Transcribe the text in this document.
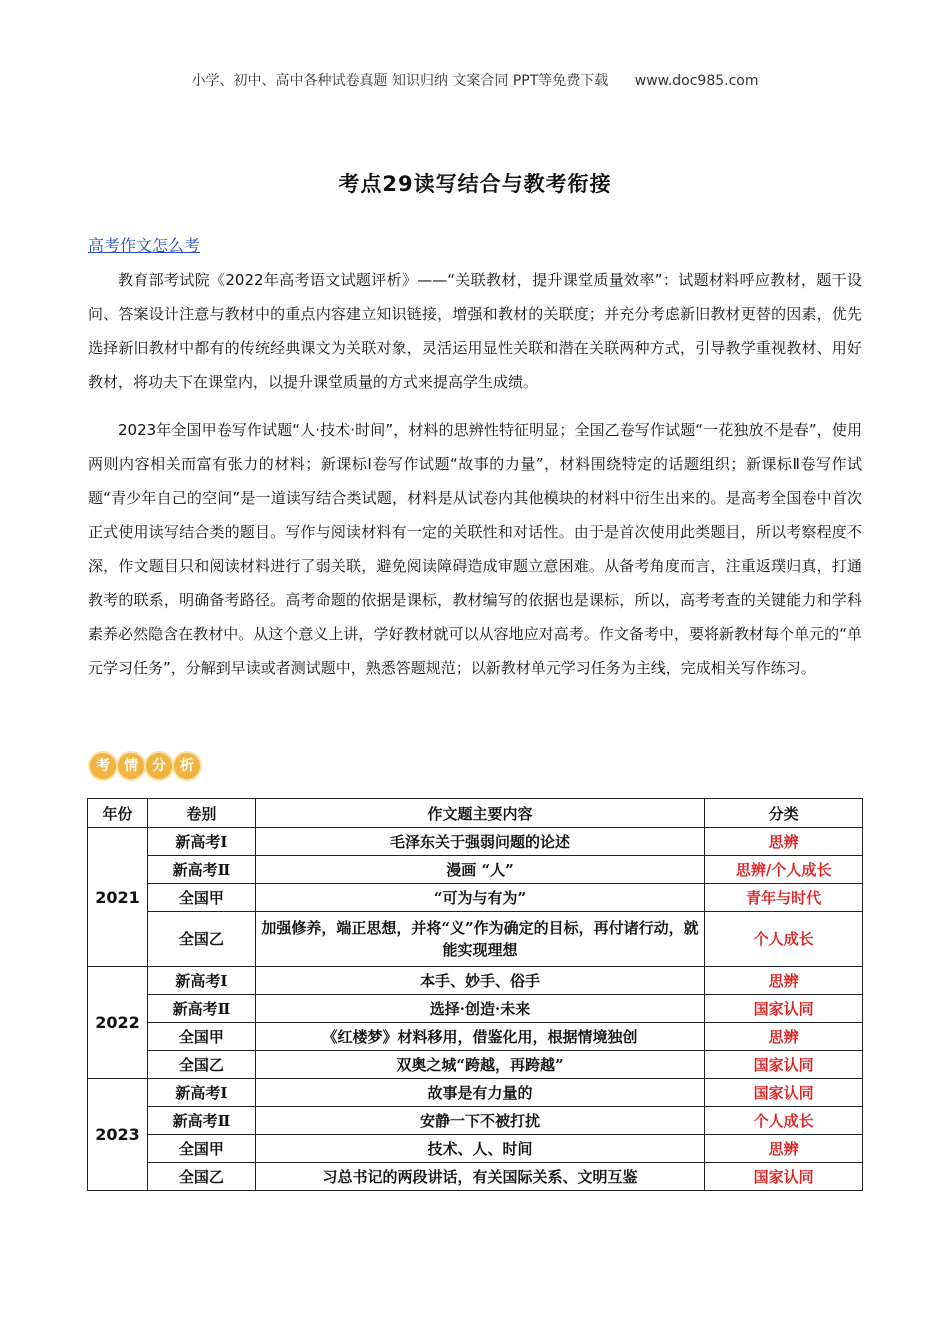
小学、初中、高中各种试卷真题 知识归纳 文案合同 PPT等免费下载 www.doc985.com
考点29读写结合与教考衔接
高考作文怎么考

教育部考试院《2022年高考语文试题评析》——“关联教材，提升课堂质量效率”：试题材料呼应教材，题干设问、答案设计注意与教材中的重点内容建立知识链接，增强和教材的关联度；并充分考虑新旧教材更替的因素，优先选择新旧教材中都有的传统经典课文为关联对象，灵活运用显性关联和潜在关联两种方式，引导教学重视教材、用好教材，将功夫下在课堂内，以提升课堂质量的方式来提高学生成绩。

2023年全国甲卷写作试题“人·技术·时间”，材料的思辨性特征明显；全国乙卷写作试题“一花独放不是春”，使用两则内容相关而富有张力的材料；新课标Ⅰ卷写作试题“故事的力量”，材料围绕特定的话题组织；新课标Ⅱ卷写作试题“青少年自己的空间”是一道读写结合类试题，材料是从试卷内其他模块的材料中衍生出来的。是高考全国卷中首次正式使用读写结合类的题目。写作与阅读材料有一定的关联性和对话性。由于是首次使用此类题目，所以考察程度不深，作文题目只和阅读材料进行了弱关联，避免阅读障碍造成审题立意困难。从备考角度而言，注重返璞归真，打通教考的联系，明确备考路径。高考命题的依据是课标，教材编写的依据也是课标，所以，高考考查的关键能力和学科素养必然隐含在教材中。从这个意义上讲，学好教材就可以从容地应对高考。作文备考中，要将新教材每个单元的“单元学习任务”，分解到早读或者测试题中，熟悉答题规范；以新教材单元学习任务为主线，完成相关写作练习。

考	情	分	析
年份	卷别	作文题主要内容	分类
2021	新高考Ⅰ	毛泽东关于强弱问题的论述	思辨
	新高考Ⅱ	漫画 “人”	思辨/个人成长
	全国甲	“可为与有为”	青年与时代
	全国乙	加强修养，端正思想，并将“义”作为确定的目标，再付诸行动，就能实现理想	个人成长
2022	新高考Ⅰ	本手、妙手、俗手	思辨
	新高考Ⅱ	选择·创造·未来	国家认同
	全国甲	《红楼梦》材料移用，借鉴化用，根据情境独创	思辨
	全国乙	双奥之城“跨越，再跨越”	国家认同
2023	新高考Ⅰ	故事是有力量的	国家认同
	新高考Ⅱ	安静一下不被打扰	个人成长
	全国甲	技术、人、时间	思辨
	全国乙	习总书记的两段讲话，有关国际关系、文明互鉴	国家认同
